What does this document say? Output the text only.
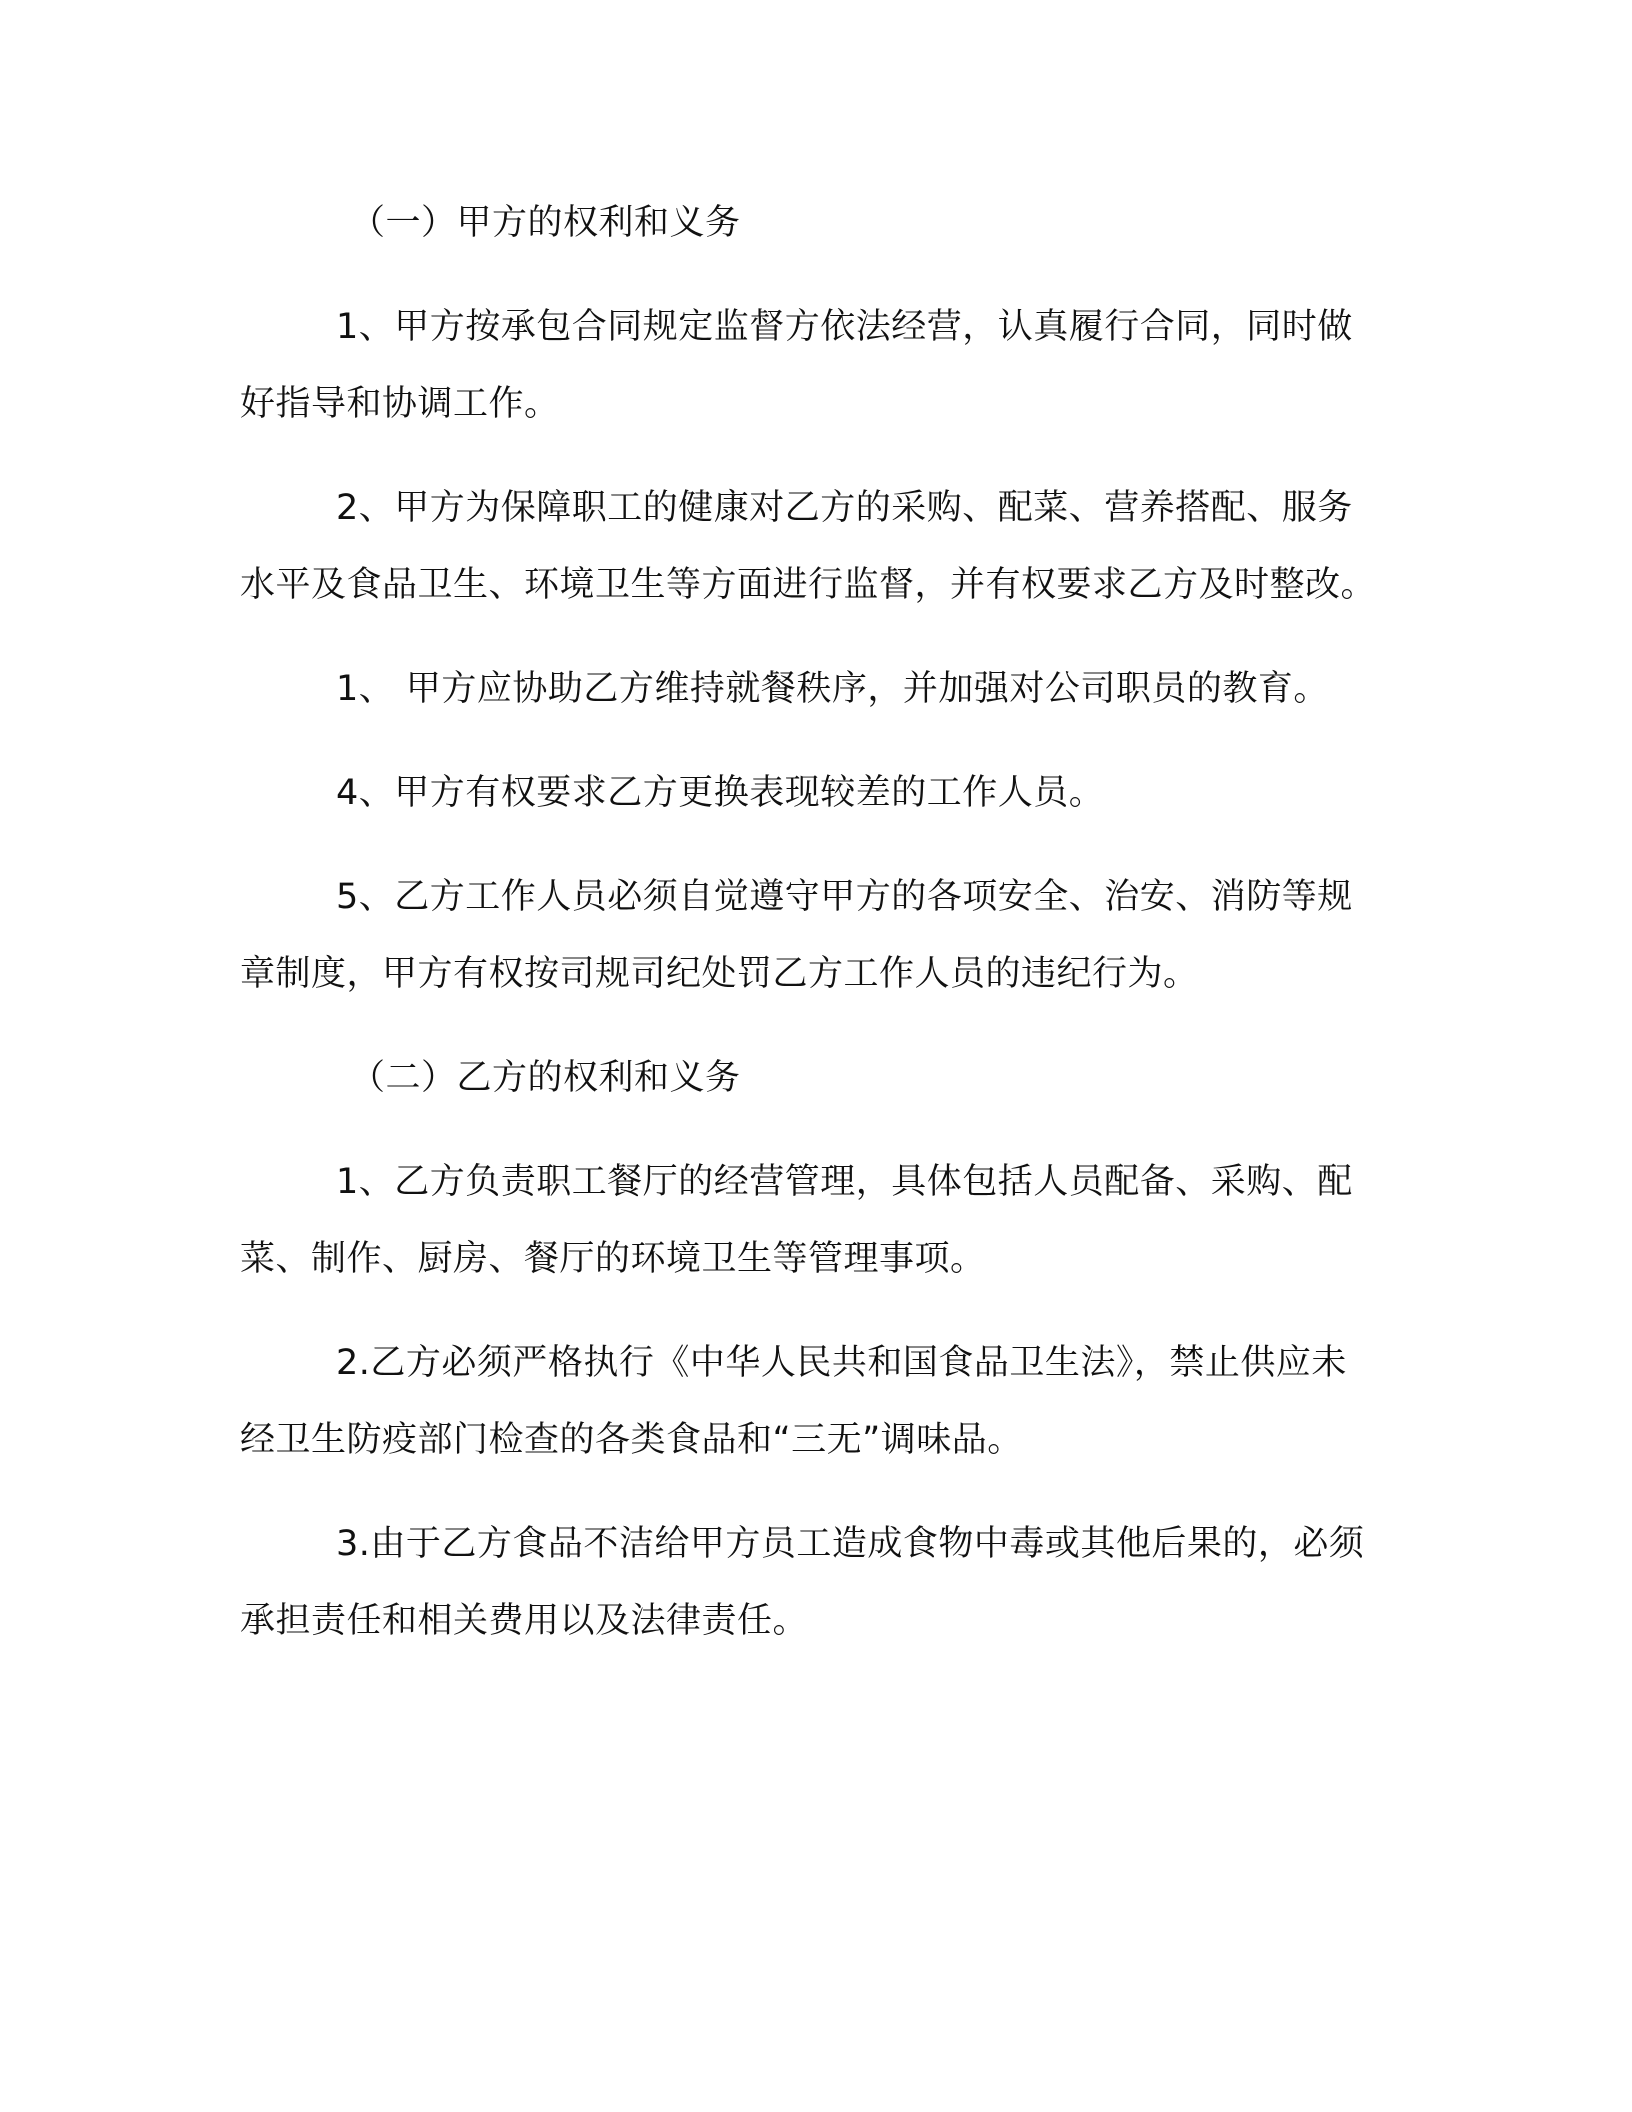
（一）甲方的权利和义务

1、甲方按承包合同规定监督方依法经营，认真履行合同，同时做好指导和协调工作。

2、甲方为保障职工的健康对乙方的采购、配菜、营养搭配、服务水平及食品卫生、环境卫生等方面进行监督，并有权要求乙方及时整改。

1、 甲方应协助乙方维持就餐秩序，并加强对公司职员的教育。

4、甲方有权要求乙方更换表现较差的工作人员。

5、乙方工作人员必须自觉遵守甲方的各项安全、治安、消防等规章制度，甲方有权按司规司纪处罚乙方工作人员的违纪行为。

（二）乙方的权利和义务

1、乙方负责职工餐厅的经营管理，具体包括人员配备、采购、配菜、制作、厨房、餐厅的环境卫生等管理事项。

2.乙方必须严格执行《中华人民共和国食品卫生法》，禁止供应未经卫生防疫部门检查的各类食品和“三无”调味品。

3.由于乙方食品不洁给甲方员工造成食物中毒或其他后果的，必须承担责任和相关费用以及法律责任。
